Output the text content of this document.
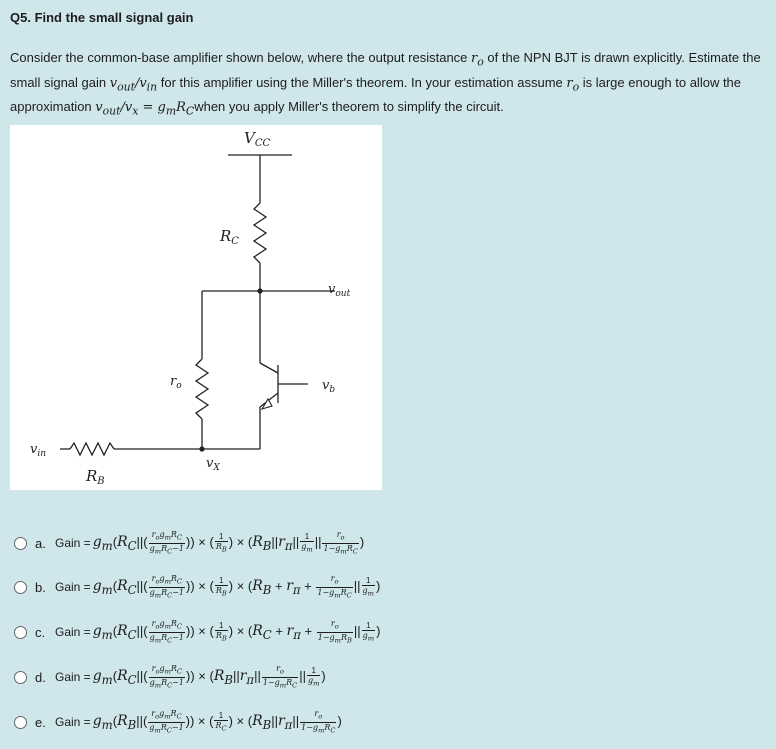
Q5. Find the small signal gain
Consider the common-base amplifier shown below, where the output resistance $r_o$ of the NPN BJT is drawn explicitly. Estimate the
small signal gain $v_{out}/v_{in}$ for this amplifier using the Miller's theorem. In your estimation assume $r_o$ is large enough to allow the
approximation $v_{out}/v_x$ = $g_mR_Cwhen$ you apply Miller's theorem to simplify the circuit.
$V_{CC}$
$R_C$
$v_{out}$
$v_b$
$r_o$
$v_X$
$v_{in}$
$R_B$
a. Gain = $g_m(R_C||( \frac{r_og_mR_C}{g_mR_C-1}$ )) × ( $\frac{1}{R_B}$ ) × ($R_B||r_\pi|| \frac{1}{g_m}$ || $\frac{r_o}{1-g_mR_C}$ )
b. Gain = $g_m(R_C||( \frac{r_og_mR_C}{g_mR_C-1}$ )) × ( $\frac{1}{R_B}$ ) × ($R_B + r_\pi + \frac{r_o}{1-g_mR_C}$ || $\frac{1}{g_m}$ )
c. Gain = $g_m(R_C||( \frac{r_og_mR_C}{g_mR_C-1}$ )) × ( $\frac{1}{R_B}$ ) × ($R_C + r_\pi + \frac{r_o}{1-g_mR_B}$ || $\frac{1}{g_m}$ )
d. Gain = $g_m(R_C||( \frac{r_og_mR_C}{g_mR_C-1}$ )) × ($R_B||r_\pi|| \frac{r_o}{1-g_mR_C}$ || $\frac{1}{g_m}$ )
e. Gain = $g_m(R_B||( \frac{r_og_mR_C}{g_mR_C-1}$ )) × ( $\frac{1}{R_C}$ ) × ($R_B||r_\pi|| \frac{r_o}{1-g_mR_C}$ )
